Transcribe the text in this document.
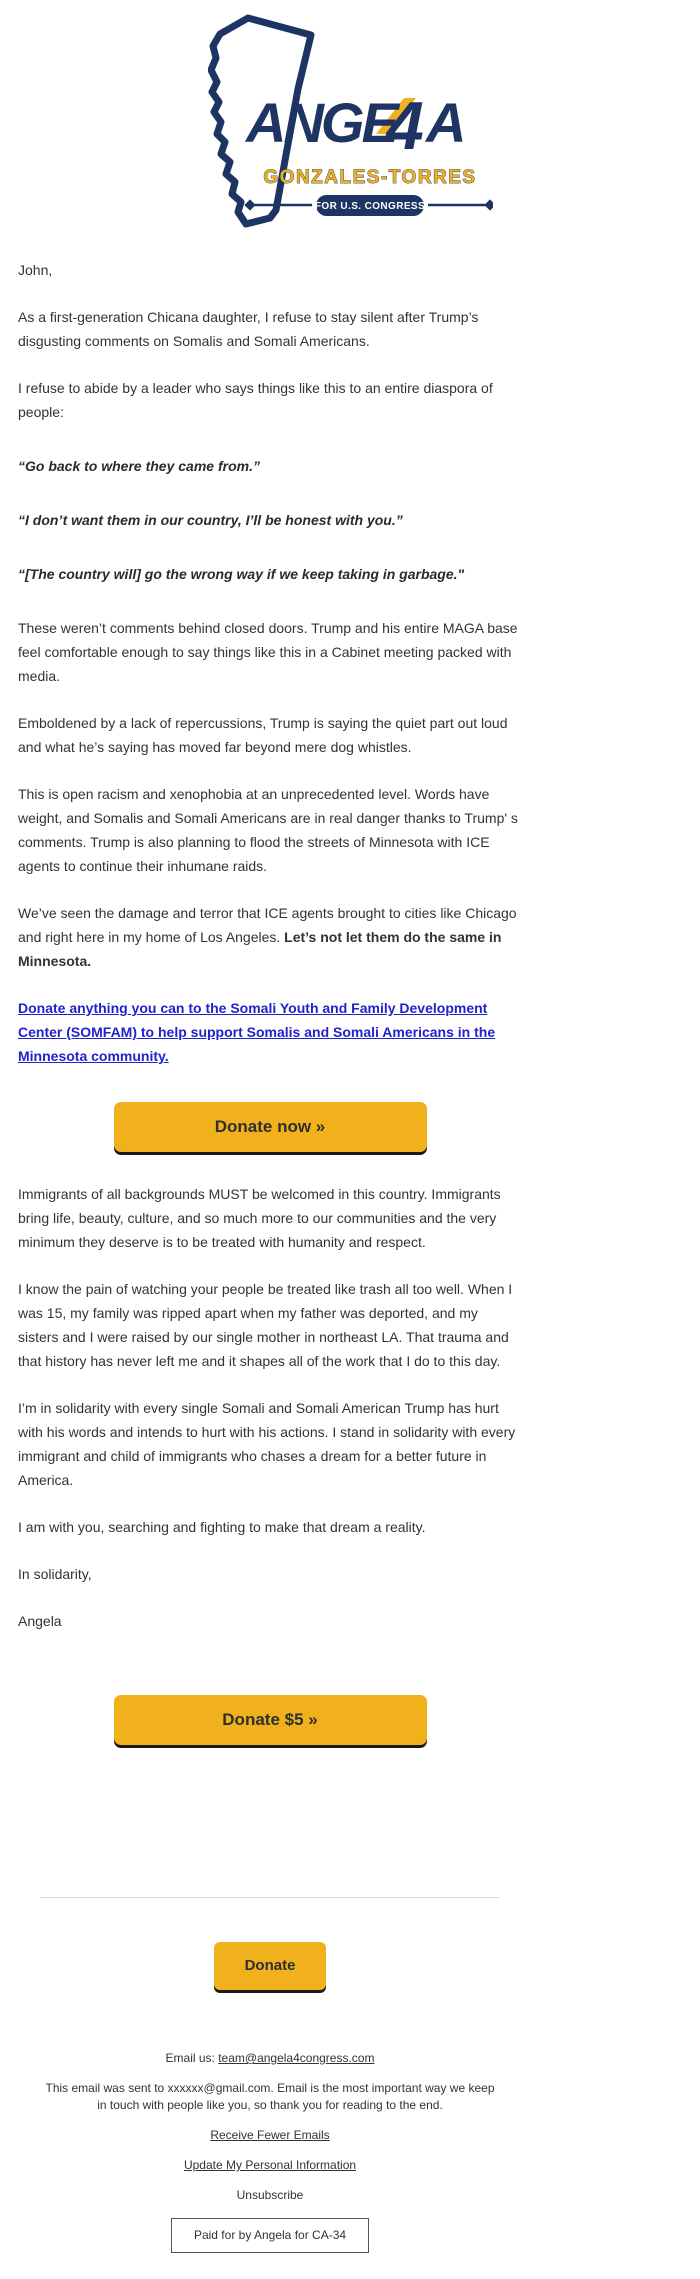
ANGE
4 A
GONZALES-TORRES
FOR U.S. CONGRESS

John,

As a first-generation Chicana daughter, I refuse to stay silent after Trump’s disgusting comments on Somalis and Somali Americans.

I refuse to abide by a leader who says things like this to an entire diaspora of people:

“Go back to where they came from.”

“I don’t want them in our country, I’ll be honest with you.”

“[The country will] go the wrong way if we keep taking in garbage."

These weren’t comments behind closed doors. Trump and his entire MAGA base feel comfortable enough to say things like this in a Cabinet meeting packed with media.

Emboldened by a lack of repercussions, Trump is saying the quiet part out loud and what he’s saying has moved far beyond mere dog whistles.

This is open racism and xenophobia at an unprecedented level. Words have weight, and Somalis and Somali Americans are in real danger thanks to Trump' s comments. Trump is also planning to flood the streets of Minnesota with ICE agents to continue their inhumane raids.

We’ve seen the damage and terror that ICE agents brought to cities like Chicago and right here in my home of Los Angeles. Let’s not let them do the same in Minnesota.

Donate anything you can to the Somali Youth and Family Development Center (SOMFAM) to help support Somalis and Somali Americans in the Minnesota community.

Donate now »

Immigrants of all backgrounds MUST be welcomed in this country. Immigrants bring life, beauty, culture, and so much more to our communities and the very minimum they deserve is to be treated with humanity and respect.

I know the pain of watching your people be treated like trash all too well. When I was 15, my family was ripped apart when my father was deported, and my sisters and I were raised by our single mother in northeast LA. That trauma and that history has never left me and it shapes all of the work that I do to this day.

I’m in solidarity with every single Somali and Somali American Trump has hurt with his words and intends to hurt with his actions. I stand in solidarity with every immigrant and child of immigrants who chases a dream for a better future in America.

I am with you, searching and fighting to make that dream a reality.

In solidarity,

Angela

Donate $5 »
Donate

Email us: team@angela4congress.com

This email was sent to xxxxxx@gmail.com. Email is the most important way we keep in touch with people like you, so thank you for reading to the end.

Receive Fewer Emails

Update My Personal Information

Unsubscribe

Paid for by Angela for CA-34
